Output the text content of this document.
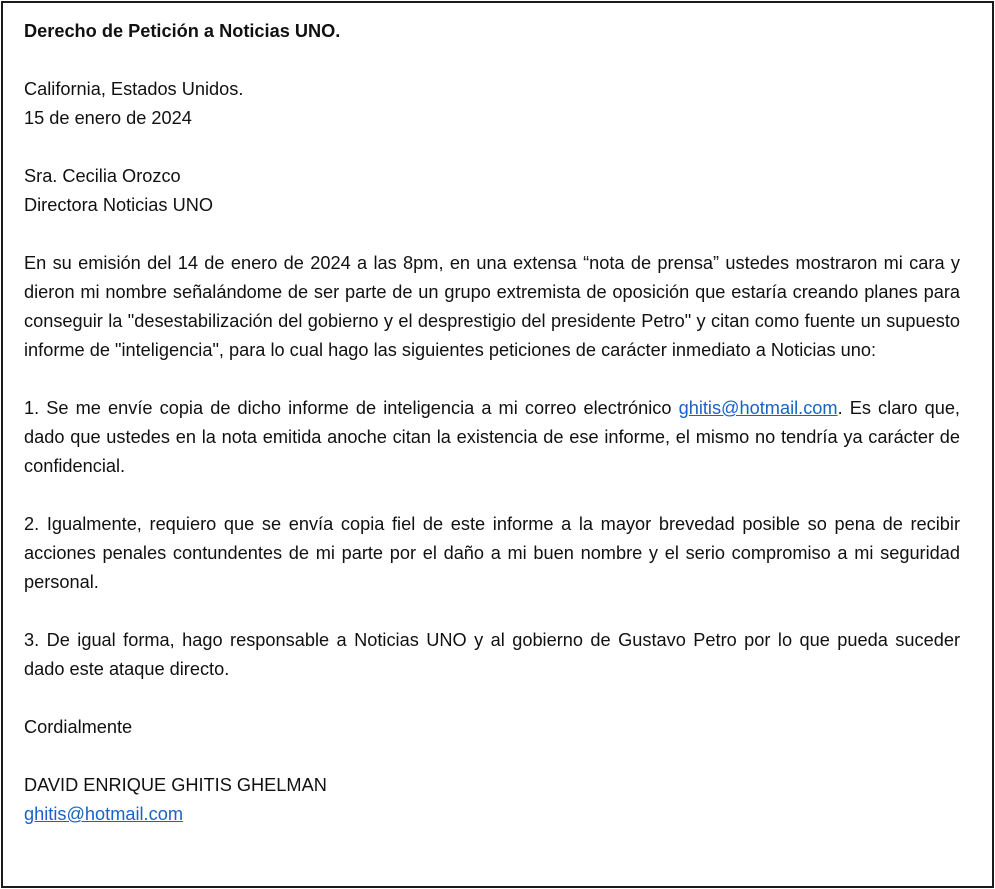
Derecho de Petición a Noticias UNO.

California, Estados Unidos.

15 de enero de 2024

Sra. Cecilia Orozco

Directora Noticias UNO

En su emisión del 14 de enero de 2024 a las 8pm, en una extensa “nota de prensa” ustedes mostraron mi cara y dieron mi nombre señalándome de ser parte de un grupo extremista de oposición que estaría creando planes para conseguir la "desestabilización del gobierno y el desprestigio del presidente Petro" y citan como fuente un supuesto informe de "inteligencia", para lo cual hago las siguientes peticiones de carácter inmediato a Noticias uno:

1. Se me envíe copia de dicho informe de inteligencia a mi correo electrónico ghitis@hotmail.com. Es claro que, dado que ustedes en la nota emitida anoche citan la existencia de ese informe, el mismo no tendría ya carácter de confidencial.

2. Igualmente, requiero que se envía copia fiel de este informe a la mayor brevedad posible so pena de recibir acciones penales contundentes de mi parte por el daño a mi buen nombre y el serio compromiso a mi seguridad personal.

3. De igual forma, hago responsable a Noticias UNO y al gobierno de Gustavo Petro por lo que pueda suceder dado este ataque directo.

Cordialmente

DAVID ENRIQUE GHITIS GHELMAN

ghitis@hotmail.com
